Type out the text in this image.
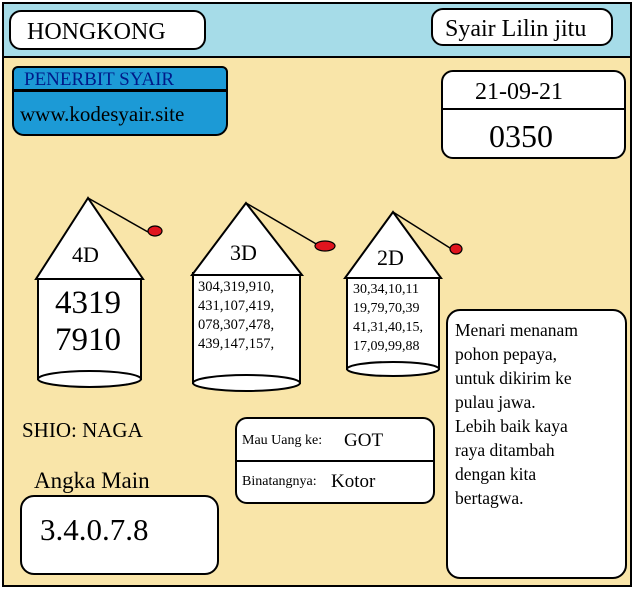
HONGKONG	Syair Lilin jitu
PENERBIT SYAIR
www.kodesyair.site
21-09-21
0350
4D	3D	2D
4319
7910
304,319,910,
431,107,419,
078,307,478,
439,147,157,
30,34,10,11
19,79,70,39
41,31,40,15,
17,09,99,88
SHIO: NAGA
Angka Main
3.4.0.7.8
Mau Uang ke: GOT
Binatangnya: Kotor
Menari menanam
pohon pepaya,
untuk dikirim ke
pulau jawa.
Lebih baik kaya
raya ditambah
dengan kita
bertagwa.
